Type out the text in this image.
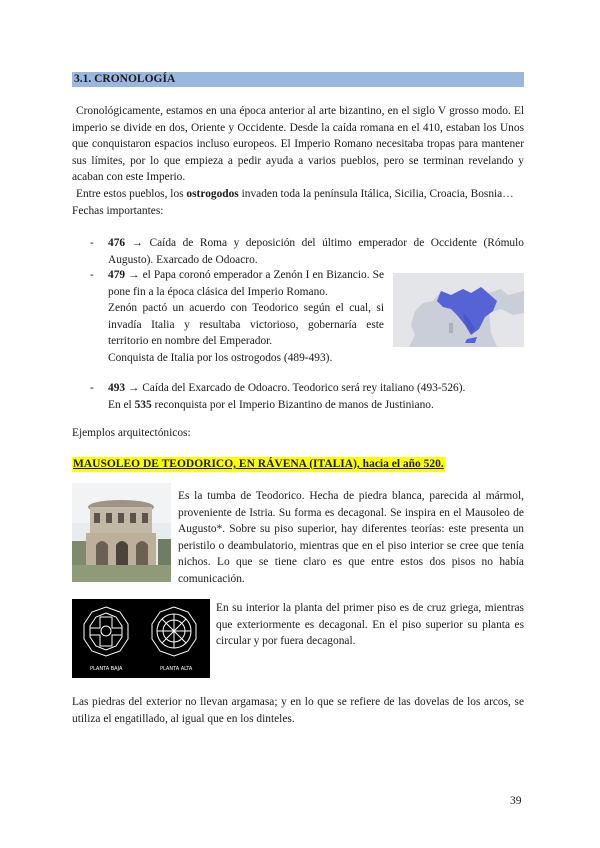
3.1. CRONOLOGÍA

Cronológicamente, estamos en una época anterior al arte bizantino, en el siglo V grosso modo. El imperio se divide en dos, Oriente y Occidente. Desde la caída romana en el 410, estaban los Unos que conquistaron espacios incluso europeos. El Imperio Romano necesitaba tropas para mantener sus límites, por lo que empieza a pedir ayuda a varios pueblos, pero se terminan revelando y acaban con este Imperio.

Entre estos pueblos, los ostrogodos invaden toda la península Itálica, Sicilia, Croacia, Bosnia…

Fechas importantes:

- 476 → Caída de Roma y deposición del último emperador de Occidente (Rómulo Augusto). Exarcado de Odoacro.
- 479 → el Papa coronó emperador a Zenón I en Bizancio. Se pone fin a la época clásica del Imperio Romano.

Zenón pactó un acuerdo con Teodorico según el cual, si invadía Italia y resultaba victorioso, gobernaría este territorio en nombre del Emperador.

Conquista de Italia por los ostrogodos (489-493).

- 493 → Caída del Exarcado de Odoacro. Teodorico será rey italiano (493-526).

En el 535 reconquista por el Imperio Bizantino de manos de Justiniano.

Ejemplos arquitectónicos:

MAUSOLEO DE TEODORICO, EN RÁVENA (ITALIA), hacia el año 520.
Es la tumba de Teodorico. Hecha de piedra blanca, parecida al mármol, proveniente de Istria. Su forma es decagonal. Se inspira en el Mausoleo de Augusto*. Sobre su piso superior, hay diferentes teorías: este presenta un peristilo o deambulatorio, mientras que en el piso interior se cree que tenía nichos. Lo que se tiene claro es que entre estos dos pisos no había comunicación.
PLANTA BAJA	PLANTA ALTA
En su interior la planta del primer piso es de cruz griega, mientras que exteriormente es decagonal. En el piso superior su planta es circular y por fuera decagonal.
Las piedras del exterior no llevan argamasa; y en lo que se refiere de las dovelas de los arcos, se utiliza el engatillado, al igual que en los dinteles.
39
